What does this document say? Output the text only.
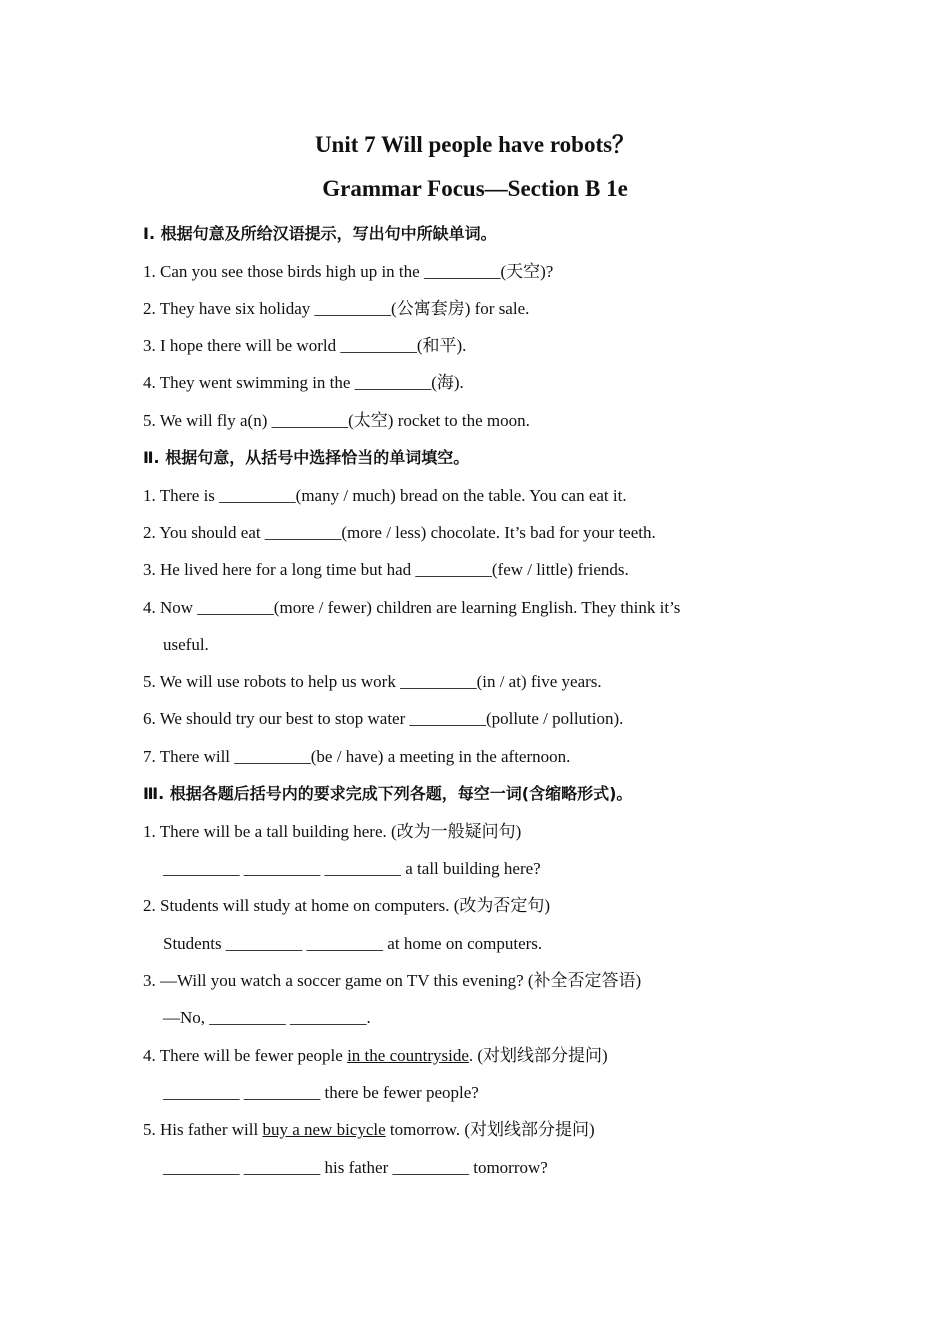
Unit 7 Will people have robots？
Grammar Focus—Section B 1e
Ⅰ. 根据句意及所给汉语提示，写出句中所缺单词。
1. Can you see those birds high up in the _________(天空)?
2. They have six holiday _________(公寓套房) for sale.
3. I hope there will be world _________(和平).
4. They went swimming in the _________(海).
5. We will fly a(n) _________(太空) rocket to the moon.
Ⅱ. 根据句意，从括号中选择恰当的单词填空。
1. There is _________(many / much) bread on the table. You can eat it.
2. You should eat _________(more / less) chocolate. It’s bad for your teeth.
3. He lived here for a long time but had _________(few / little) friends.
4. Now _________(more / fewer) children are learning English. They think it’s
useful.
5. We will use robots to help us work _________(in / at) five years.
6. We should try our best to stop water _________(pollute / pollution).
7. There will _________(be / have) a meeting in the afternoon.
Ⅲ. 根据各题后括号内的要求完成下列各题，每空一词(含缩略形式)。
1. There will be a tall building here. (改为一般疑问句)
_________ _________ _________ a tall building here?
2. Students will study at home on computers. (改为否定句)
Students _________ _________ at home on computers.
3. —Will you watch a soccer game on TV this evening? (补全否定答语)
—No, _________ _________.
4. There will be fewer people in the countryside. (对划线部分提问)
_________ _________ there be fewer people?
5. His father will buy a new bicycle tomorrow. (对划线部分提问)
_________ _________ his father _________ tomorrow?
